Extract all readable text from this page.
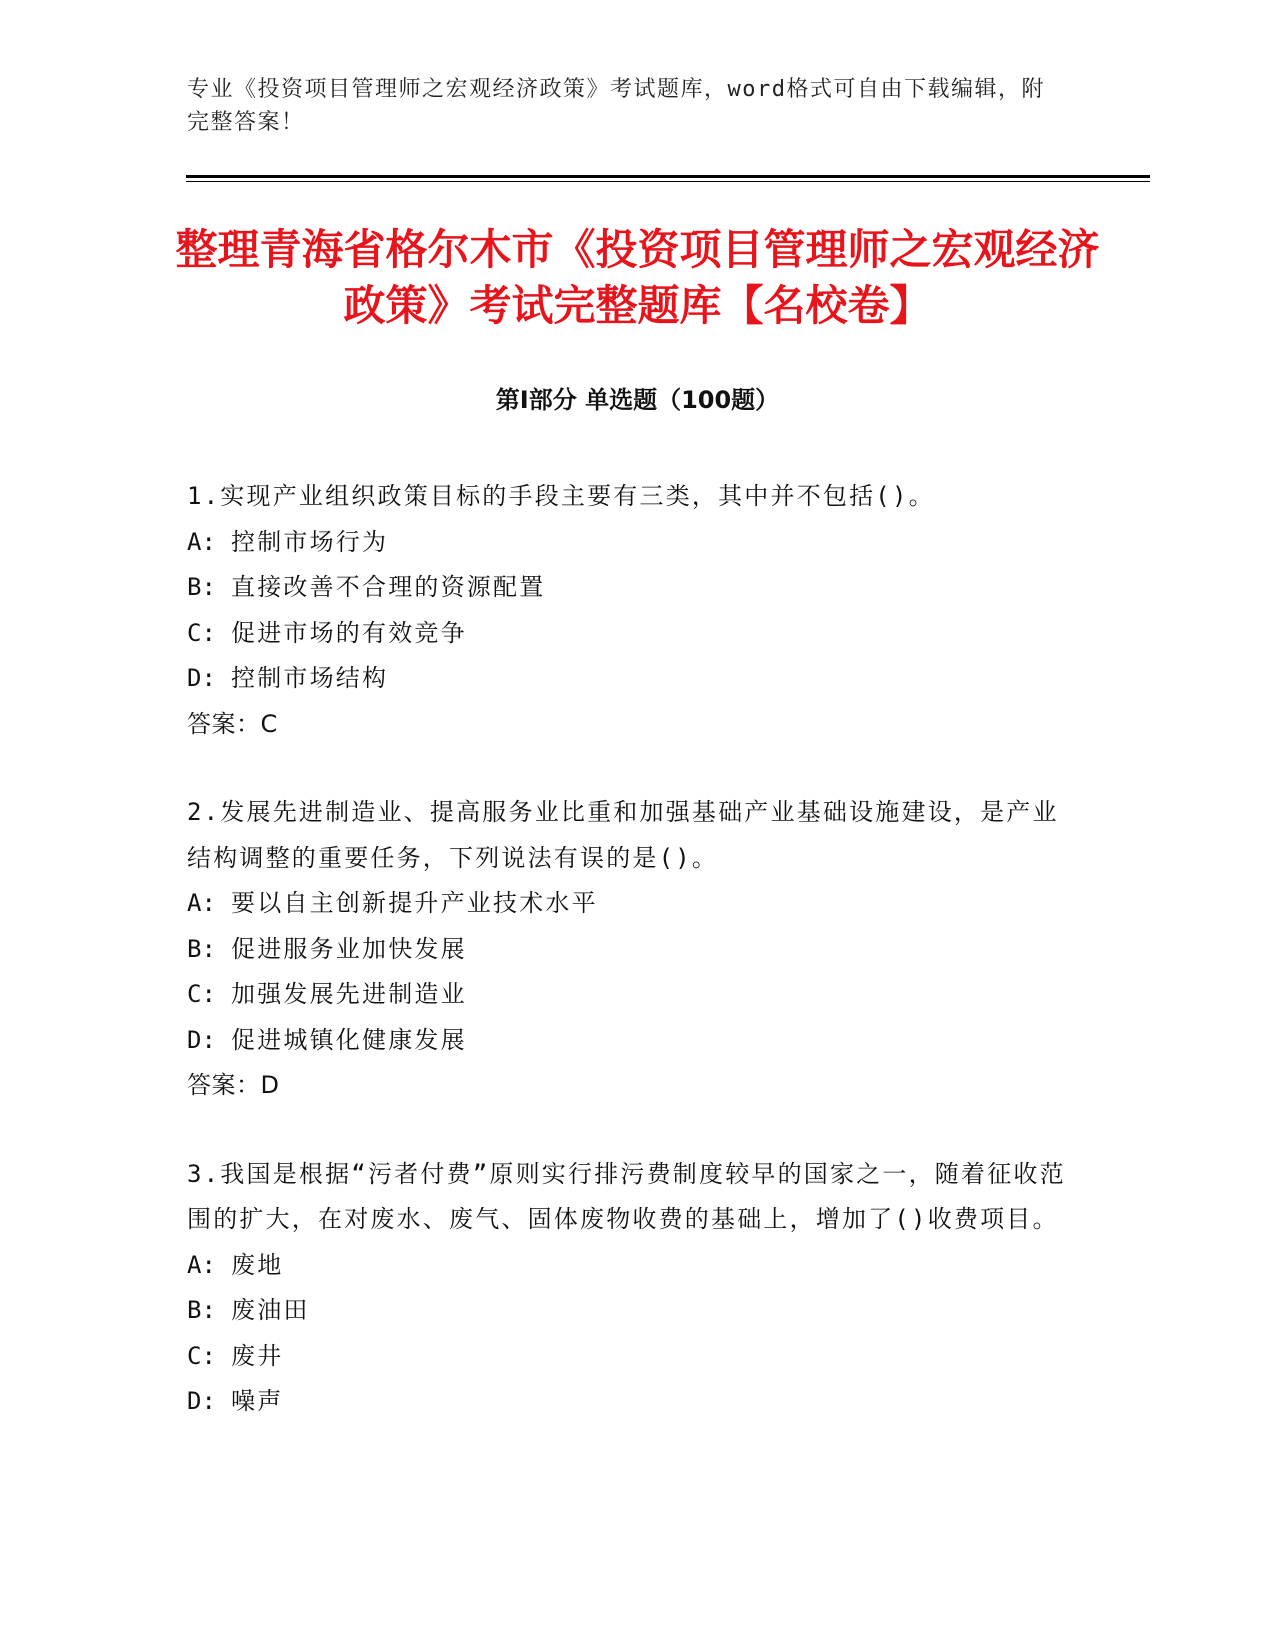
专业《投资项目管理师之宏观经济政策》考试题库，word格式可自由下载编辑，附完整答案！
整理青海省格尔木市《投资项目管理师之宏观经济政策》考试完整题库【名校卷】
第I部分 单选题（100题）

1.实现产业组织政策目标的手段主要有三类，其中并不包括()。

A: 控制市场行为

B: 直接改善不合理的资源配置

C: 促进市场的有效竞争

D: 控制市场结构

答案：C

2.发展先进制造业、提高服务业比重和加强基础产业基础设施建设，是产业结构调整的重要任务，下列说法有误的是()。

A: 要以自主创新提升产业技术水平

B: 促进服务业加快发展

C: 加强发展先进制造业

D: 促进城镇化健康发展

答案：D

3.我国是根据“污者付费”原则实行排污费制度较早的国家之一，随着征收范围的扩大，在对废水、废气、固体废物收费的基础上，增加了()收费项目。

A: 废地

B: 废油田

C: 废井

D: 噪声
